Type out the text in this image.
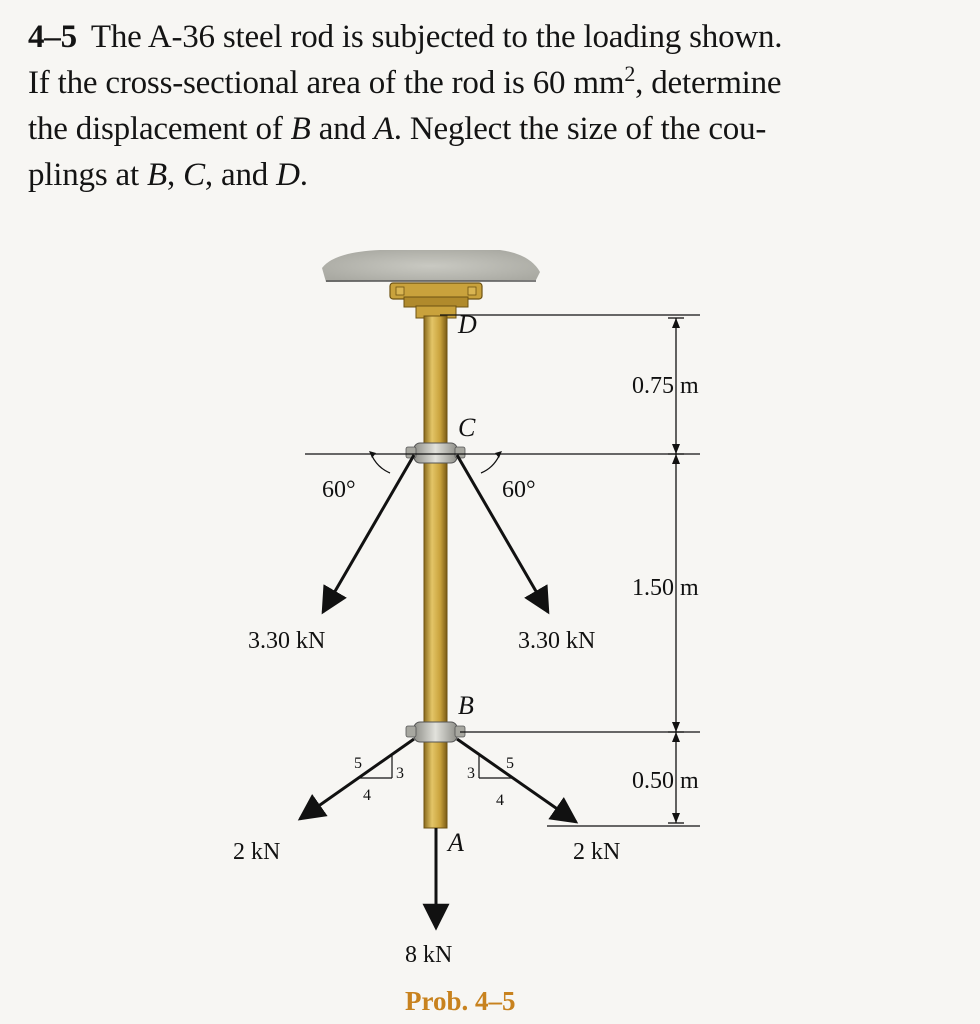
4–5 The A-36 steel rod is subjected to the loading shown.
If the cross-sectional area of the rod is 60 $mm^2$, determine
the displacement of B and A. Neglect the size of the cou-
plings at B, C, and D.
D
C
B
A
0.75 m
1.50 m
0.50 m
60°	60°
3.30 kN	3.30 kN
2 kN	2 kN
8 kN
5
3
4
5
3
4
Prob. 4–5
